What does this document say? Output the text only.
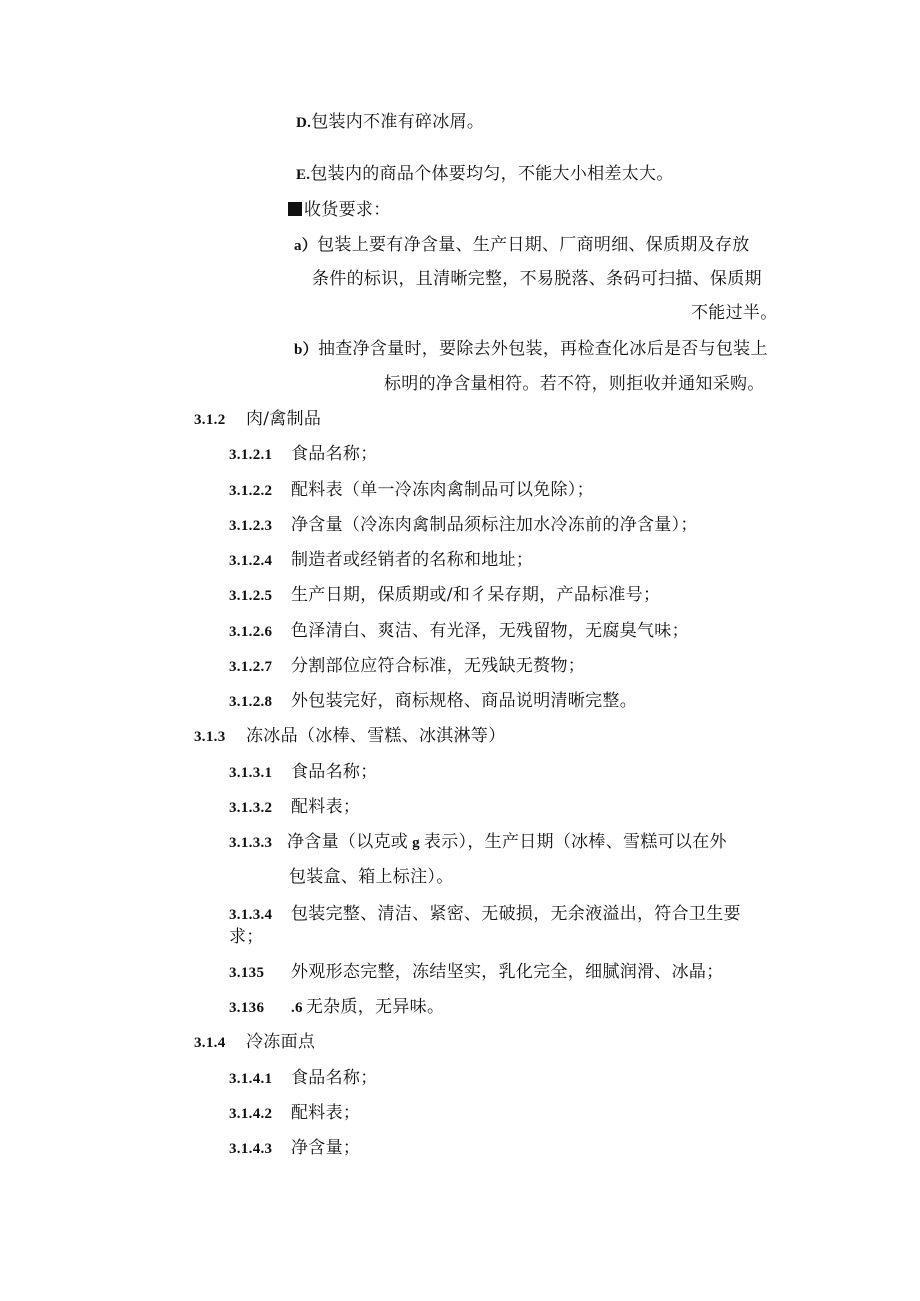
D.包装内不准有碎冰屑。
E.包装内的商品个体要均匀，不能大小相差太大。
收货要求：
a）包装上要有净含量、生产日期、厂商明细、保质期及存放
条件的标识，且清晰完整，不易脱落、条码可扫描、保质期
不能过半。
b）抽查净含量时，要除去外包装，再检查化冰后是否与包装上
标明的净含量相符。若不符，则拒收并通知采购。
3.1.2 肉/禽制品
3.1.2.1 食品名称；
3.1.2.2 配料表（单一冷冻肉禽制品可以免除）；
3.1.2.3 净含量（冷冻肉禽制品须标注加水冷冻前的净含量）；
3.1.2.4 制造者或经销者的名称和地址；
3.1.2.5 生产日期，保质期或/和彳呆存期，产品标准号；
3.1.2.6 色泽清白、爽洁、有光泽，无残留物，无腐臭气味；
3.1.2.7 分割部位应符合标准，无残缺无赘物；
3.1.2.8 外包装完好，商标规格、商品说明清晰完整。
3.1.3 冻冰品（冰棒、雪糕、冰淇淋等）
3.1.3.1 食品名称；
3.1.3.2 配料表；
3.1.3.3 净含量（以克或 g 表示），生产日期（冰棒、雪糕可以在外
包装盒、箱上标注）。
3.1.3.4 包装完整、清洁、紧密、无破损，无余液溢出，符合卫生要
求；
3.135 外观形态完整，冻结坚实，乳化完全，细腻润滑、冰晶；
3.136 .6 无杂质，无异味。
3.1.4 冷冻面点
3.1.4.1 食品名称；
3.1.4.2 配料表；
3.1.4.3 净含量；
